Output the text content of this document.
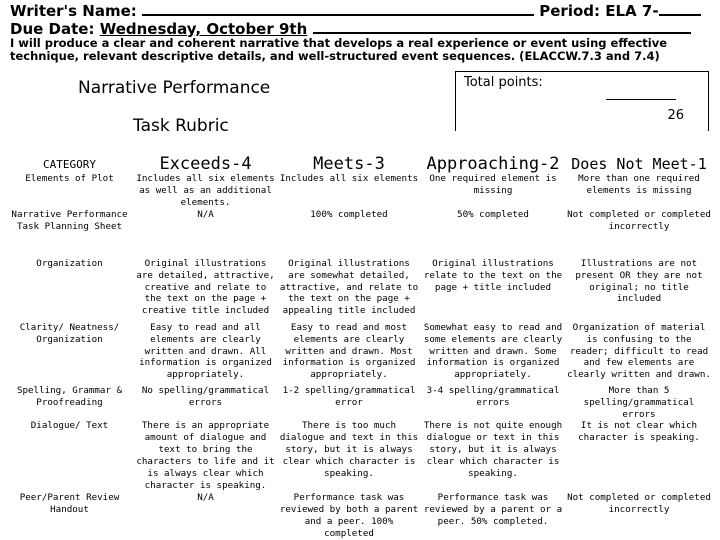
Writer's Name:	Period: ELA 7-
Due Date: Wednesday, October 9th
I will produce a clear and coherent narrative that develops a real experience or event using effective technique, relevant descriptive details, and well-structured event sequences. (ELACCW.7.3 and 7.4)
Narrative Performance
Task Rubric
Total points:
26
CATEGORY	Exceeds-4	Meets-3	Approaching-2	Does Not Meet-1
Elements of Plot	Includes all six elements as well as an additional elements.	Includes all six elements	One required element is missing	More than one required elements is missing
Narrative Performance Task Planning Sheet	N/A	100% completed	50% completed	Not completed or completed incorrectly
Organization	Original illustrations are detailed, attractive, creative and relate to the text on the page + creative title included	Original illustrations are somewhat detailed, attractive, and relate to the text on the page + appealing title included	Original illustrations relate to the text on the page + title included	Illustrations are not present OR they are not original; no title included
Clarity/ Neatness/ Organization	Easy to read and all elements are clearly written and drawn. All information is organized appropriately.	Easy to read and most elements are clearly written and drawn. Most information is organized appropriately.	Somewhat easy to read and some elements are clearly written and drawn. Some information is organized appropriately.	Organization of material is confusing to the reader; difficult to read and few elements are clearly written and drawn.
Spelling, Grammar & Proofreading	No spelling/grammatical errors	1-2 spelling/grammatical error	3-4 spelling/grammatical errors	More than 5 spelling/grammatical errors
Dialogue/ Text	There is an appropriate amount of dialogue and text to bring the characters to life and it is always clear which character is speaking.	There is too much dialogue and text in this story, but it is always clear which character is speaking.	There is not quite enough dialogue or text in this story, but it is always clear which character is speaking.	It is not clear which character is speaking.
Peer/Parent Review Handout	N/A	Performance task was reviewed by both a parent and a peer. 100% completed	Performance task was reviewed by a parent or a peer. 50% completed.	Not completed or completed incorrectly
